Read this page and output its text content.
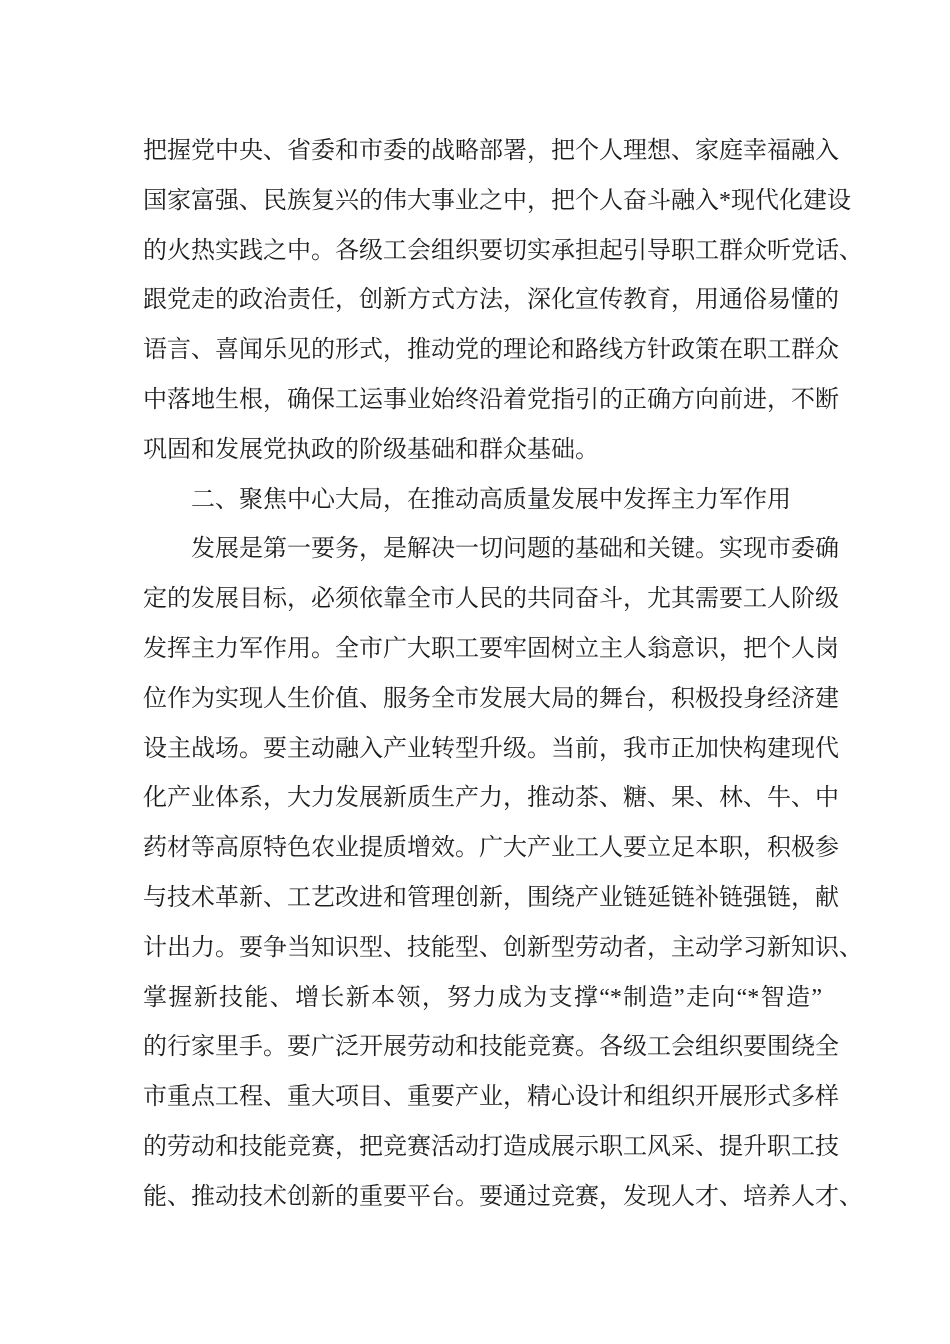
把握党中央、省委和市委的战略部署，把个人理想、家庭幸福融入
国家富强、民族复兴的伟大事业之中，把个人奋斗融入*现代化建设
的火热实践之中。各级工会组织要切实承担起引导职工群众听党话、
跟党走的政治责任，创新方式方法，深化宣传教育，用通俗易懂的
语言、喜闻乐见的形式，推动党的理论和路线方针政策在职工群众
中落地生根，确保工运事业始终沿着党指引的正确方向前进，不断
巩固和发展党执政的阶级基础和群众基础。
二、聚焦中心大局，在推动高质量发展中发挥主力军作用
发展是第一要务，是解决一切问题的基础和关键。实现市委确
定的发展目标，必须依靠全市人民的共同奋斗，尤其需要工人阶级
发挥主力军作用。全市广大职工要牢固树立主人翁意识，把个人岗
位作为实现人生价值、服务全市发展大局的舞台，积极投身经济建
设主战场。要主动融入产业转型升级。当前，我市正加快构建现代
化产业体系，大力发展新质生产力，推动茶、糖、果、林、牛、中
药材等高原特色农业提质增效。广大产业工人要立足本职，积极参
与技术革新、工艺改进和管理创新，围绕产业链延链补链强链，献
计出力。要争当知识型、技能型、创新型劳动者，主动学习新知识、
掌握新技能、增长新本领，努力成为支撑“*制造”走向“*智造”
的行家里手。要广泛开展劳动和技能竞赛。各级工会组织要围绕全
市重点工程、重大项目、重要产业，精心设计和组织开展形式多样
的劳动和技能竞赛，把竞赛活动打造成展示职工风采、提升职工技
能、推动技术创新的重要平台。要通过竞赛，发现人才、培养人才、
